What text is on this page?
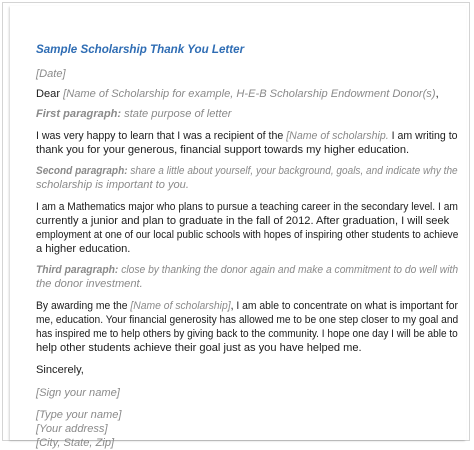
Sample Scholarship Thank You Letter
[Date]
Dear [Name of Scholarship for example, H-E-B Scholarship Endowment Donor(s),
First paragraph: state purpose of letter
I was very happy to learn that I was a recipient of the [Name of scholarship. I am writing to
thank you for your generous, financial support towards my higher education.
Second paragraph: share a little about yourself, your background, goals, and indicate why the
scholarship is important to you.
I am a Mathematics major who plans to pursue a teaching career in the secondary level. I am
currently a junior and plan to graduate in the fall of 2012. After graduation, I will seek
employment at one of our local public schools with hopes of inspiring other students to achieve
a higher education.
Third paragraph: close by thanking the donor again and make a commitment to do well with
the donor investment.
By awarding me the [Name of scholarship], I am able to concentrate on what is important for
me, education. Your financial generosity has allowed me to be one step closer to my goal and
has inspired me to help others by giving back to the community. I hope one day I will be able to
help other students achieve their goal just as you have helped me.
Sincerely,
[Sign your name]
[Type your name]
[Your address]
[City, State, Zip]
